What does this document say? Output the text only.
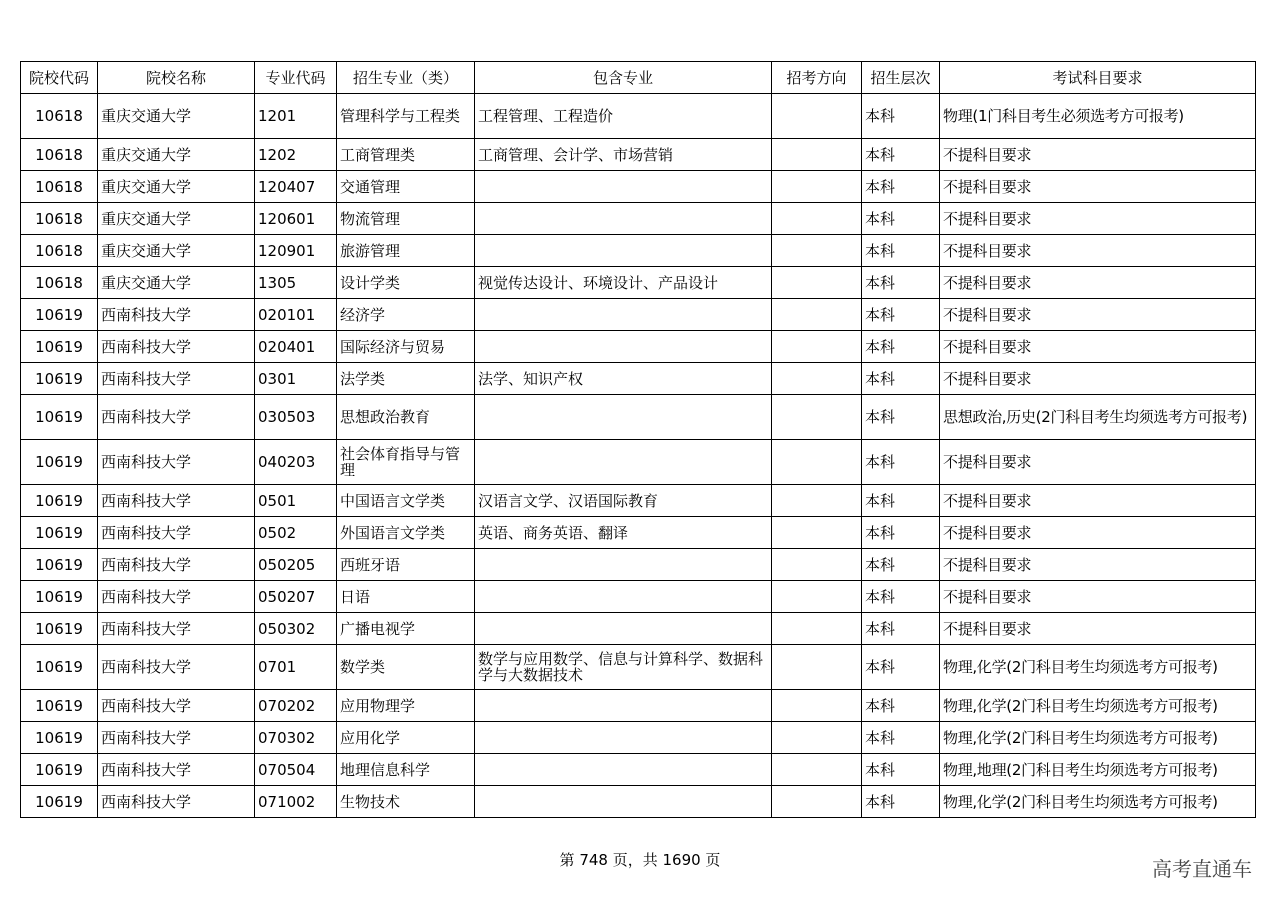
院校代码	院校名称	专业代码	招生专业（类）	包含专业	招考方向	招生层次	考试科目要求
10618	重庆交通大学	1201	管理科学与工程类	工程管理、工程造价		本科	物理(1门科目考生必须选考方可报考)
10618	重庆交通大学	1202	工商管理类	工商管理、会计学、市场营销		本科	不提科目要求
10618	重庆交通大学	120407	交通管理			本科	不提科目要求
10618	重庆交通大学	120601	物流管理			本科	不提科目要求
10618	重庆交通大学	120901	旅游管理			本科	不提科目要求
10618	重庆交通大学	1305	设计学类	视觉传达设计、环境设计、产品设计		本科	不提科目要求
10619	西南科技大学	020101	经济学			本科	不提科目要求
10619	西南科技大学	020401	国际经济与贸易			本科	不提科目要求
10619	西南科技大学	0301	法学类	法学、知识产权		本科	不提科目要求
10619	西南科技大学	030503	思想政治教育			本科	思想政治,历史(2门科目考生均须选考方可报考)
10619	西南科技大学	040203	社会体育指导与管理			本科	不提科目要求
10619	西南科技大学	0501	中国语言文学类	汉语言文学、汉语国际教育		本科	不提科目要求
10619	西南科技大学	0502	外国语言文学类	英语、商务英语、翻译		本科	不提科目要求
10619	西南科技大学	050205	西班牙语			本科	不提科目要求
10619	西南科技大学	050207	日语			本科	不提科目要求
10619	西南科技大学	050302	广播电视学			本科	不提科目要求
10619	西南科技大学	0701	数学类	数学与应用数学、信息与计算科学、数据科学与大数据技术		本科	物理,化学(2门科目考生均须选考方可报考)
10619	西南科技大学	070202	应用物理学			本科	物理,化学(2门科目考生均须选考方可报考)
10619	西南科技大学	070302	应用化学			本科	物理,化学(2门科目考生均须选考方可报考)
10619	西南科技大学	070504	地理信息科学			本科	物理,地理(2门科目考生均须选考方可报考)
10619	西南科技大学	071002	生物技术			本科	物理,化学(2门科目考生均须选考方可报考)
第 748 页，共 1690 页	高考直通车
